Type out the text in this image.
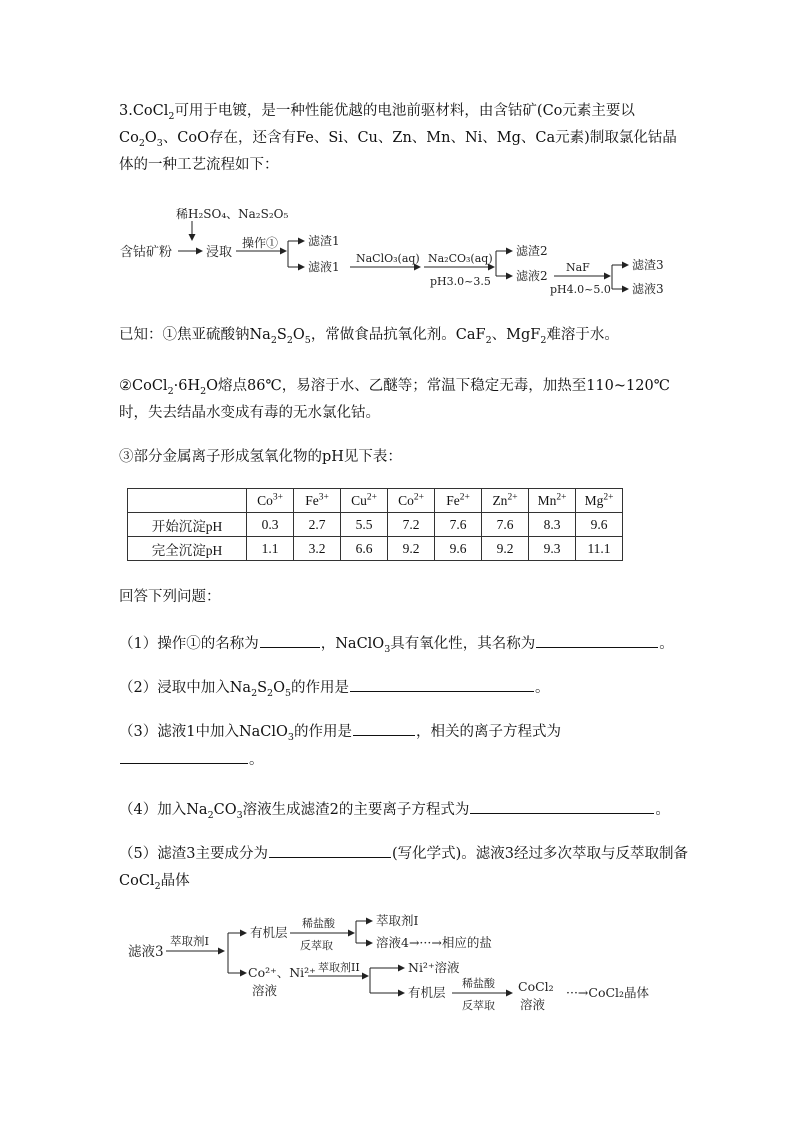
3.CoCl$_2$可用于电镀，是一种性能优越的电池前驱材料，由含钴矿(Co元素主要以$Co_2O_3$、CoO存在，还含有Fe、Si、Cu、Zn、Mn、Ni、Mg、Ca元素)制取氯化钴晶体的一种工艺流程如下：
稀H₂SO₄、Na₂S₂O₅
含钴矿粉	浸取
操作① 滤渣1
滤液1
NaClO₃(aq) Na₂CO₃(aq)
pH3.0~3.5
滤渣2
滤液2
NaF
pH4.0~5.0
滤渣3
滤液3
已知：①焦亚硫酸钠$Na_2S_2O_5$，常做食品抗氧化剂。CaF$_2$、MgF$_2$难溶于水。
$②CoCl_2\cdot 6H_2O$熔点86℃，易溶于水、乙醚等；常温下稳定无毒，加热至110~120℃时，失去结晶水变成有毒的无水氯化钴。
③部分金属离子形成氢氧化物的pH见下表：
	$Co^{3+}$	$Fe^{3+}$	$Cu^{2+}$	$Co^{2+}$	$Fe^{2+}$	$Zn^{2+}$	$Mn^{2+}$	$Mg^{2+}$
开始沉淀pH	0.3	2.7	5.5	7.2	7.6	7.6	8.3	9.6
完全沉淀pH	1.1	3.2	6.6	9.2	9.6	9.2	9.3	11.1
回答下列问题：
（1）操作①的名称为	，NaClO$_3$具有氧化性，其名称为	。
（2）浸取中加入$Na_2S_2O_5$的作用是	。
（3）滤液1中加入NaClO$_3$的作用是	，相关的离子方程式为
。
（4）加入$Na_2CO_3$溶液生成滤渣2的主要离子方程式为	。
（5）滤渣3主要成分为	(写化学式)。滤液3经过多次萃取与反萃取制备CoCl$_2$晶体
滤液3
萃取剂I
有机层
稀盐酸
反萃取
萃取剂I
溶液4→···→相应的盐
Co²⁺、Ni²⁺
溶液
萃取剂II	Ni²⁺溶液
有机层
稀盐酸
反萃取
CoCl₂
溶液
···→CoCl₂晶体
